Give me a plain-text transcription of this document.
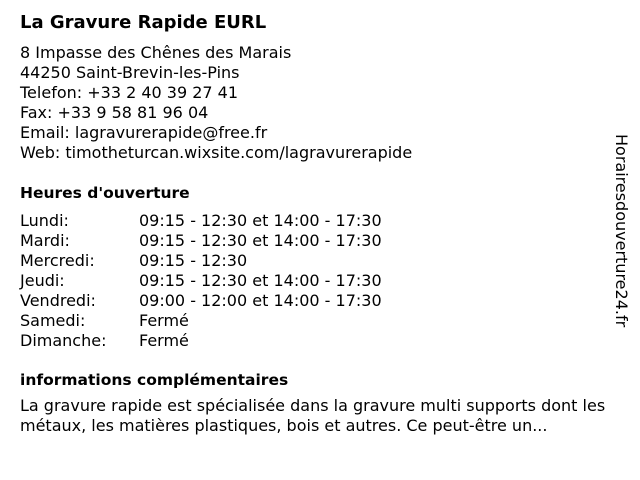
La Gravure Rapide EURL
8 Impasse des Chênes des Marais
44250 Saint-Brevin-les-Pins
Telefon: +33 2 40 39 27 41
Fax: +33 9 58 81 96 04
Email: lagravurerapide@free.fr
Web: timotheturcan.wixsite.com/lagravurerapide
Heures d'ouverture
Lundi:	09:15 - 12:30 et 14:00 - 17:30
Mardi:	09:15 - 12:30 et 14:00 - 17:30
Mercredi:	09:15 - 12:30
Jeudi:	09:15 - 12:30 et 14:00 - 17:30
Vendredi:	09:00 - 12:00 et 14:00 - 17:30
Samedi:	Fermé
Dimanche:	Fermé
informations complémentaires
La gravure rapide est spécialisée dans la gravure multi supports dont les métaux, les matières plastiques, bois et autres. Ce peut-être un...
Horairesdouverture24.fr
